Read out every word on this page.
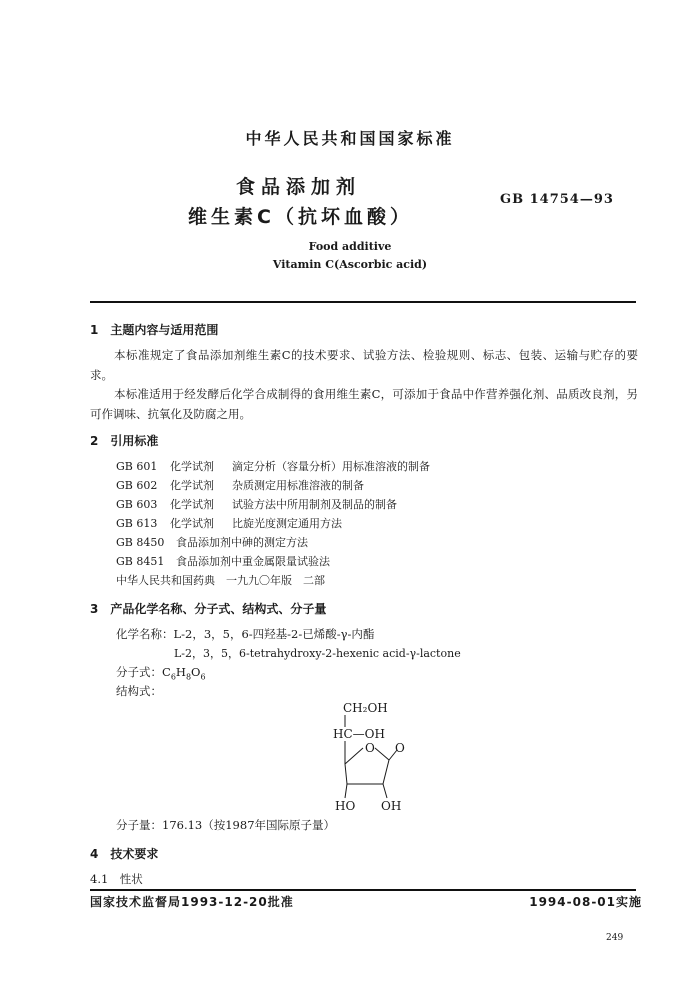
中华人民共和国国家标准
食品添加剂
维生素C（抗坏血酸）
GB 14754—93
Food additive
Vitamin C(Ascorbic acid)
1　主题内容与适用范围
本标准规定了食品添加剂维生素C的技术要求、试验方法、检验规则、标志、包装、运输与贮存的要求。
本标准适用于经发酵后化学合成制得的食用维生素C，可添加于食品中作营养强化剂、品质改良剂，另可作调味、抗氧化及防腐之用。
2　引用标准
GB 601 化学试剂 滴定分析（容量分析）用标准溶液的制备
GB 602 化学试剂 杂质测定用标准溶液的制备
GB 603 化学试剂 试验方法中所用制剂及制品的制备
GB 613 化学试剂 比旋光度测定通用方法
GB 8450 食品添加剂中砷的测定方法
GB 8451 食品添加剂中重金属限量试验法
中华人民共和国药典　一九九〇年版　二部
3　产品化学名称、分子式、结构式、分子量
化学名称：L-2，3，5，6-四羟基-2-已烯酸-γ-内酯
L-2，3，5，6-tetrahydroxy-2-hexenic acid-γ-lactone
分子式：$C_6H_8O_6$
结构式：
CH₂OH
HC—OH
O O
HO OH
分子量：176.13（按1987年国际原子量）
4　技术要求
4.1　性状
国家技术监督局1993-12-20批准	1994-08-01实施
249
